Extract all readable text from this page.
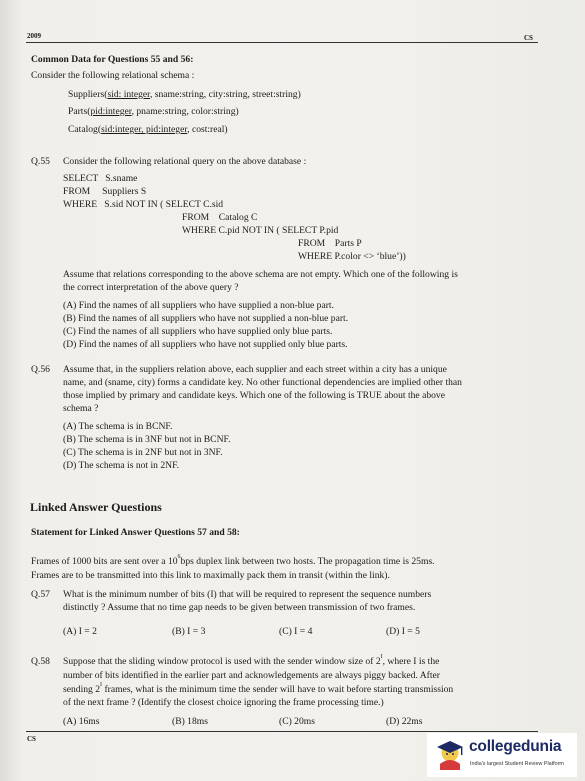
2009	CS
Common Data for Questions 55 and 56:
Consider the following relational schema :
Suppliers(sid: integer, sname:string, city:string, street:string)
Parts(pid:integer, pname:string, color:string)
Catalog(sid:integer, pid:integer, cost:real)
Q.55 Consider the following relational query on the above database :
SELECT   S.sname
FROM     Suppliers S
WHERE   S.sid NOT IN ( SELECT C.sid
FROM    Catalog C
WHERE C.pid NOT IN ( SELECT P.pid
FROM    Parts P
WHERE P.color <> ‘blue’))
Assume that relations corresponding to the above schema are not empty. Which one of the following is
the correct interpretation of the above query ?
(A) Find the names of all suppliers who have supplied a non-blue part.
(B) Find the names of all suppliers who have not supplied a non-blue part.
(C) Find the names of all suppliers who have supplied only blue parts.
(D) Find the names of all suppliers who have not supplied only blue parts.
Q.56 Assume that, in the suppliers relation above, each supplier and each street within a city has a unique
name, and (sname, city) forms a candidate key. No other functional dependencies are implied other than
those implied by primary and candidate keys. Which one of the following is TRUE about the above
schema ?
(A) The schema is in BCNF.
(B) The schema is in 3NF but not in BCNF.
(C) The schema is in 2NF but not in 3NF.
(D) The schema is not in 2NF.
Linked Answer Questions
Statement for Linked Answer Questions 57 and 58:
Frames of 1000 bits are sent over a $10^6bps$ duplex link between two hosts. The propagation time is 25ms.
Frames are to be transmitted into this link to maximally pack them in transit (within the link).
Q.57 What is the minimum number of bits (I) that will be required to represent the sequence numbers
distinctly ? Assume that no time gap needs to be given between transmission of two frames.
(A) I = 2	(B) I = 3	(C) I = 4	(D) I = 5
Q.58 Suppose that the sliding window protocol is used with the sender window size of $2^I$, where I is the
number of bits identified in the earlier part and acknowledgements are always piggy backed. After
sending $2^I$ frames, what is the minimum time the sender will have to wait before starting transmission
of the next frame ? (Identify the closest choice ignoring the frame processing time.)
(A) 16ms	(B) 18ms	(C) 20ms	(D) 22ms
CS	collegedunia
India's largest Student Review Platform
